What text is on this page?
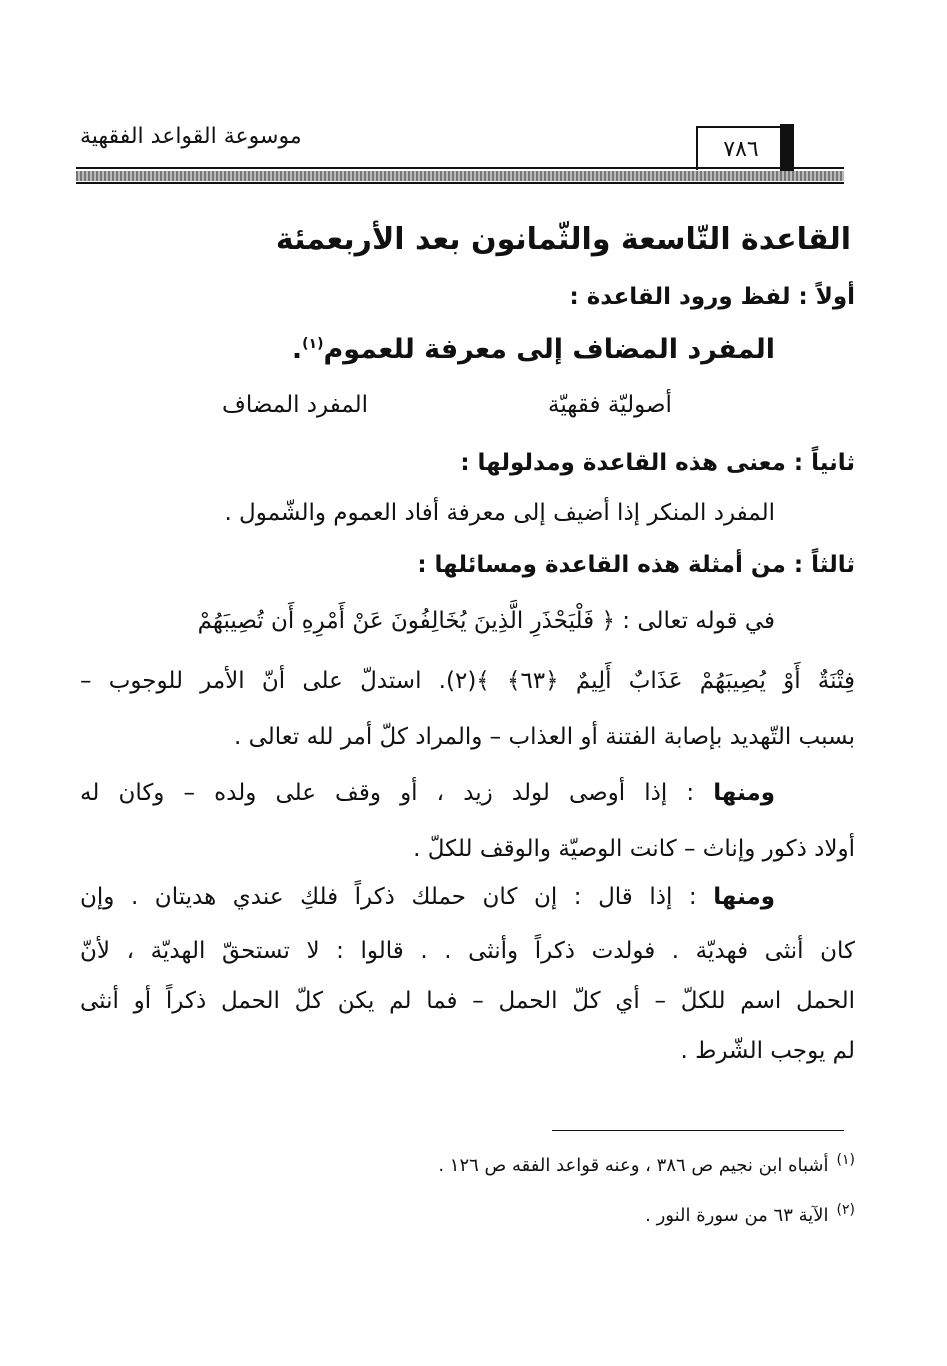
موسوعة القواعد الفقهية
٧٨٦
القاعدة التّاسعة والثّمانون بعد الأربعمئة
أولاً : لفظ ورود القاعدة :
المفرد المضاف إلى معرفة للعموم$^{(١)}$.
أصوليّة فقهيّة
المفرد المضاف
ثانياً : معنى هذه القاعدة ومدلولها :
المفرد المنكر إذا أضيف إلى معرفة أفاد العموم والشّمول .
ثالثاً : من أمثلة هذه القاعدة ومسائلها :
في قوله تعالى : ﴿ فَلْيَحْذَرِ الَّذِينَ يُخَالِفُونَ عَنْ أَمْرِهِ أَن تُصِيبَهُمْ
فِتْنَةٌ أَوْ يُصِيبَهُمْ عَذَابٌ أَلِيمٌ ﴿٦٣﴾ ﴾(٢). استدلّ على أنّ الأمر للوجوب –
بسبب التّهديد بإصابة الفتنة أو العذاب – والمراد كلّ أمر لله تعالى .
ومنها : إذا أوصى لولد زيد ، أو وقف على ولده – وكان له
أولاد ذكور وإناث – كانت الوصيّة والوقف للكلّ .
ومنها : إذا قال : إن كان حملك ذكراً فلكِ عندي هديتان . وإن
كان أنثى فهديّة . فولدت ذكراً وأنثى . . قالوا : لا تستحقّ الهديّة ، لأنّ
الحمل اسم للكلّ – أي كلّ الحمل – فما لم يكن كلّ الحمل ذكراً أو أنثى
لم يوجب الشّرط .
$^{(١)}$أشباه ابن نجيم ص ٣٨٦ ، وعنه قواعد الفقه ص ١٢٦ .
$^{(٢)}$الآية ٦٣ من سورة النور .
